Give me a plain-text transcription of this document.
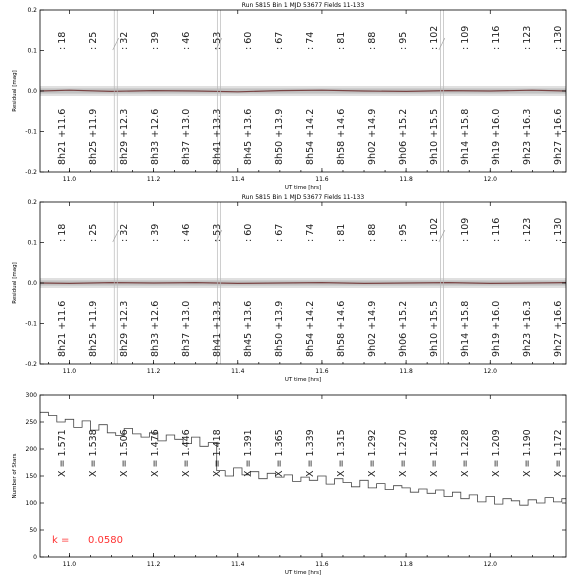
: 18
8h21 +11.6
: 25
8h25 +11.9
: 32
8h29 +12.3
: 39
8h33 +12.6
: 46
8h37 +13.0
: 53
8h41 +13.3
: 60
8h45 +13.6
: 67
8h50 +13.9
: 74
8h54 +14.2
: 81
8h58 +14.6
: 88
9h02 +14.9
: 95
9h06 +15.2
: 102
9h10 +15.5
: 109
9h14 +15.8
: 116
9h19 +16.0
: 123
9h23 +16.3
: 130
9h27 +16.6
11.0	11.2	11.4	11.6	11.8	12.0
-0.2
-0.1
0.0
0.1
0.2
UT time [hrs]
Residual [mag]
Run 5815 Bin 1 MJD 53677 Fields 11-133
: 18
8h21 +11.6
: 25
8h25 +11.9
: 32
8h29 +12.3
: 39
8h33 +12.6
: 46
8h37 +13.0
: 53
8h41 +13.3
: 60
8h45 +13.6
: 67
8h50 +13.9
: 74
8h54 +14.2
: 81
8h58 +14.6
: 88
9h02 +14.9
: 95
9h06 +15.2
: 102
9h10 +15.5
: 109
9h14 +15.8
: 116
9h19 +16.0
: 123
9h23 +16.3
: 130
9h27 +16.6
11.0	11.2	11.4	11.6	11.8	12.0
-0.2
-0.1
0.0
0.1
0.2
UT time [hrs]
Residual [mag]
Run 5815 Bin 1 MJD 53677 Fields 11-133
X = 1.571 X = 1.538 X = 1.506 X = 1.476 X = 1.446 X = 1.418 X = 1.391 X = 1.365 X = 1.339 X = 1.315 X = 1.292 X = 1.270 X = 1.248 X = 1.228 X = 1.209 X = 1.190 X = 1.172
k = 0.0580
11.0	11.2	11.4	11.6	11.8	12.0
0
50
100
150
200
250
300
UT time [hrs]
Number of Stars
